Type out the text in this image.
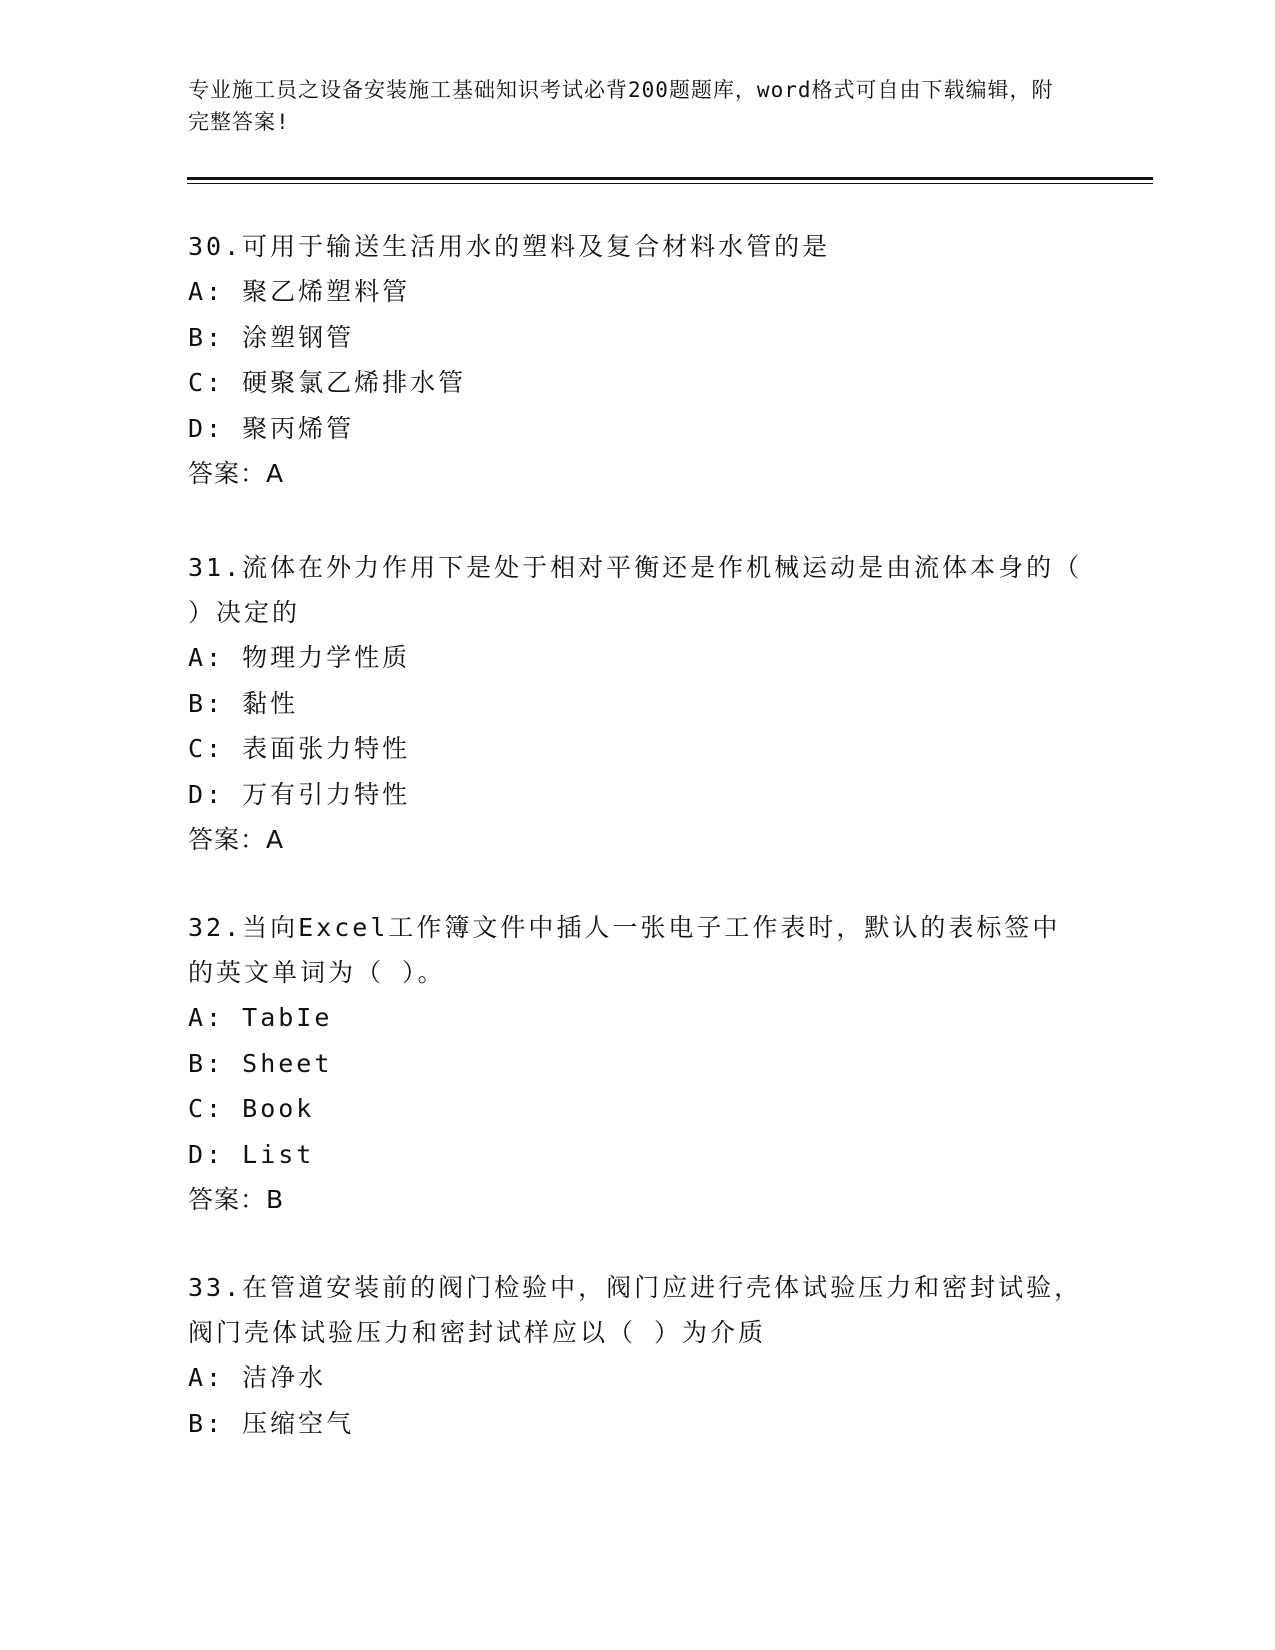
专业施工员之设备安装施工基础知识考试必背200题题库，word格式可自由下载编辑，附完整答案!

30.可用于输送生活用水的塑料及复合材料水管的是

A: 聚乙烯塑料管

B: 涂塑钢管

C: 硬聚氯乙烯排水管

D: 聚丙烯管

答案：A

31.流体在外力作用下是处于相对平衡还是作机械运动是由流体本身的（ ）决定的

A: 物理力学性质

B: 黏性

C: 表面张力特性

D: 万有引力特性

答案：A

32.当向Excel工作簿文件中插人一张电子工作表时，默认的表标签中的英文单词为（ ）。

A: TabIe

B: Sheet

C: Book

D: List

答案：B

33.在管道安装前的阀门检验中，阀门应进行壳体试验压力和密封试验，阀门壳体试验压力和密封试样应以（ ）为介质

A: 洁净水

B: 压缩空气
